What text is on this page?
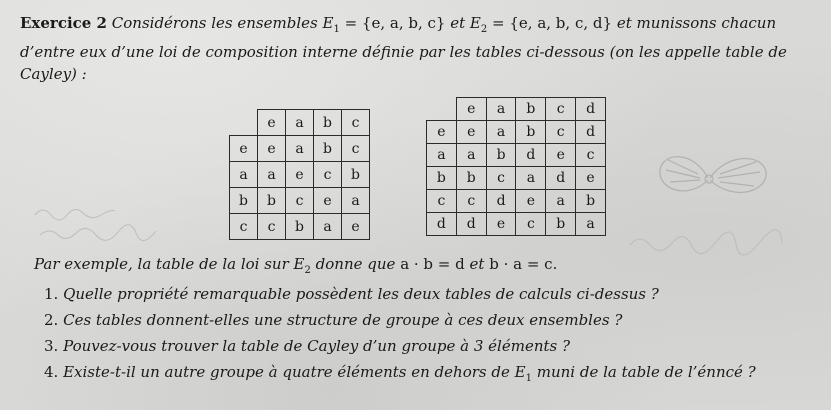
Exercice 2 Considérons les ensembles $E_1 = \{e$, a, b, c} et $E_2 = \{e$, a, b, c, d} et munissons chacun d’entre eux d’une loi de composition interne définie par les tables ci-dessous (on les appelle table de Cayley) :
	e	a	b	c
e	e	a	b	c
a	a	e	c	b
b	b	c	e	a
c	c	b	a	e
	e	a	b	c	d
e	e	a	b	c	d
a	a	b	d	e	c
b	b	c	a	d	e
c	c	d	e	a	b
d	d	e	c	b	a
Par exemple, la table de la loi sur $E_2$ donne que a · b = d et b · a = c.
1. Quelle propriété remarquable possèdent les deux tables de calculs ci-dessus ?
2. Ces tables donnent-elles une structure de groupe à ces deux ensembles ?
3. Pouvez-vous trouver la table de Cayley d’un groupe à 3 éléments ?
4. Existe-t-il un autre groupe à quatre éléments en dehors de $E_1$ muni de la table de l’énncé ?
